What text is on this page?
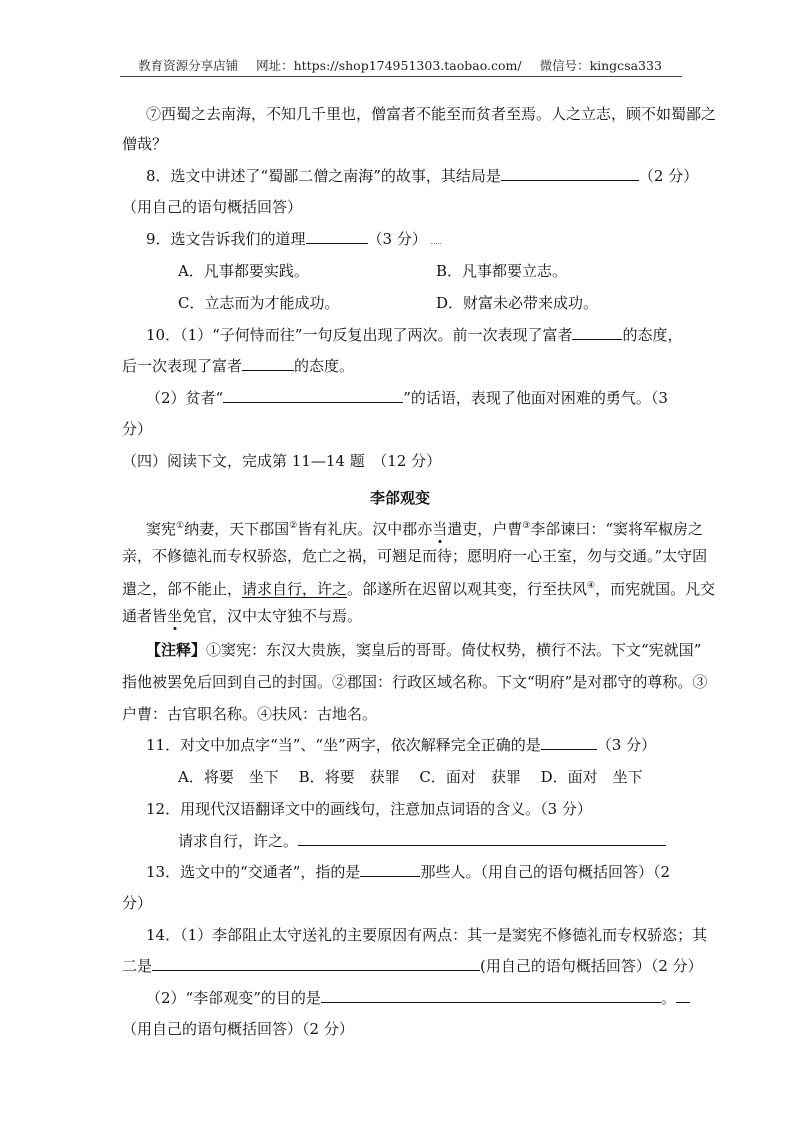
教育资源分享店铺 网址：https://shop174951303.taobao.com/ 微信号：kingcsa333
⑦西蜀之去南海，不知几千里也，僧富者不能至而贫者至焉。人之立志，顾不如蜀鄙之
僧哉？
8．选文中讲述了“蜀鄙二僧之南海”的故事，其结局是	（2 分）
（用自己的语句概括回答）
9．选文告诉我们的道理	（3 分）
A．凡事都要实践。	B．凡事都要立志。
C．立志而为才能成功。	D．财富未必带来成功。
10．（1）“子何恃而往”一句反复出现了两次。前一次表现了富者	的态度，
后一次表现了富者	的态度。
（2）贫者“	”的话语，表现了他面对困难的勇气。（3
分）
（四）阅读下文，完成第 11—14 题　（12 分）
李郃观变
窦宪①纳妻，天下郡国②皆有礼庆。汉中郡亦当遣吏，户曹③李郃谏曰：“窦将军椒房之
亲，不修德礼而专权骄恣，危亡之祸，可翘足而待；愿明府一心王室，勿与交通。”太守固
遣之，郃不能止，请求自行，许之。郃遂所在迟留以观其变，行至扶风④，而宪就国。凡交
通者皆坐免官，汉中太守独不与焉。
【注释】①窦宪：东汉大贵族，窦皇后的哥哥。倚仗权势，横行不法。下文“宪就国”
指他被罢免后回到自己的封国。②郡国：行政区域名称。下文“明府”是对郡守的尊称。③
户曹：古官职名称。④扶风：古地名。
11．对文中加点字“当”、“坐”两字，依次解释完全正确的是	（3 分）
A．将要　坐下　 B．将要　获罪　 C．面对　获罪　 D．面对　坐下
12．用现代汉语翻译文中的画线句，注意加点词语的含义。（3 分）
请求自行，许之。
13．选文中的“交通者”，指的是	那些人。（用自己的语句概括回答）（2
分）
14．（1）李郃阻止太守送礼的主要原因有两点：其一是窦宪不修德礼而专权骄恣；其
二是	(用自己的语句概括回答）（2 分）
（2）“李郃观变”的目的是	。
（用自己的语句概括回答）（2 分）
